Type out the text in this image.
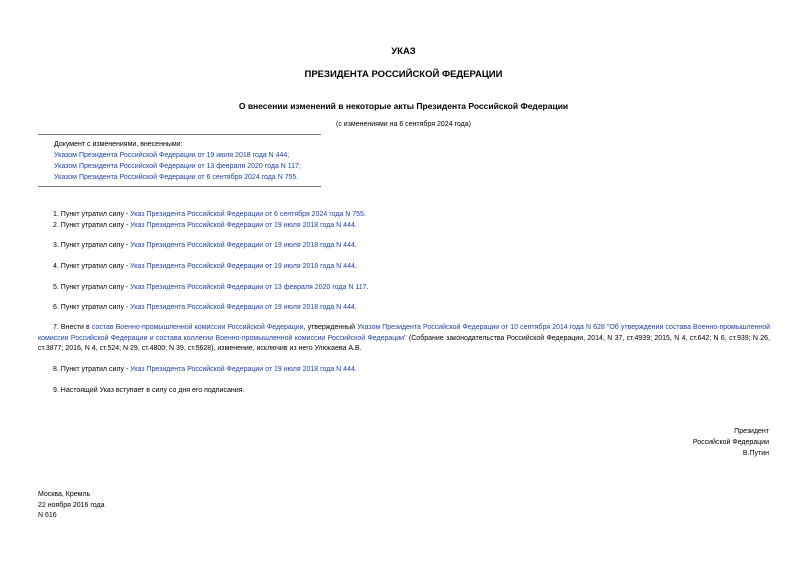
УКАЗ
ПРЕЗИДЕНТА РОССИЙСКОЙ ФЕДЕРАЦИИ
О внесении изменений в некоторые акты Президента Российской Федерации
(с изменениями на 6 сентября 2024 года)
Документ с изменениями, внесенными:
Указом Президента Российской Федерации от 19 июля 2018 года N 444;
Указом Президента Российской Федерации от 13 февраля 2020 года N 117;
Указом Президента Российской Федерации от 6 сентября 2024 года N 755.
1. Пункт утратил силу - Указ Президента Российской Федерации от 6 сентября 2024 года N 755.
2. Пункт утратил силу - Указ Президента Российской Федерации от 19 июля 2018 года N 444.
3. Пункт утратил силу - Указ Президента Российской Федерации от 19 июля 2018 года N 444.
4. Пункт утратил силу - Указ Президента Российской Федерации от 19 июля 2018 года N 444.
5. Пункт утратил силу - Указ Президента Российской Федерации от 13 февраля 2020 года N 117.
6. Пункт утратил силу - Указ Президента Российской Федерации от 19 июля 2018 года N 444.
7. Внести в состав Военно-промышленной комиссии Российской Федерации, утвержденный Указом Президента Российской Федерации от 10 сентября 2014 года N 628 "Об утверждении состава Военно-промышленной комиссии Российской Федерации и состава коллегии Военно-промышленной комиссии Российской Федерации" (Собрание законодательства Российской Федерации, 2014, N 37, ст.4939; 2015, N 4, ст.642; N 6, ст.939; N 26, ст.3877; 2016, N 4, ст.524; N 29, ст.4800; N 39, ст.5628), изменение, исключив из него Улюкаева А.В.
8. Пункт утратил силу - Указ Президента Российской Федерации от 19 июля 2018 года N 444.
9. Настоящий Указ вступает в силу со дня его подписания.
Президент
Российской Федерации
В.Путин
Москва, Кремль
22 ноября 2016 года
N 616
